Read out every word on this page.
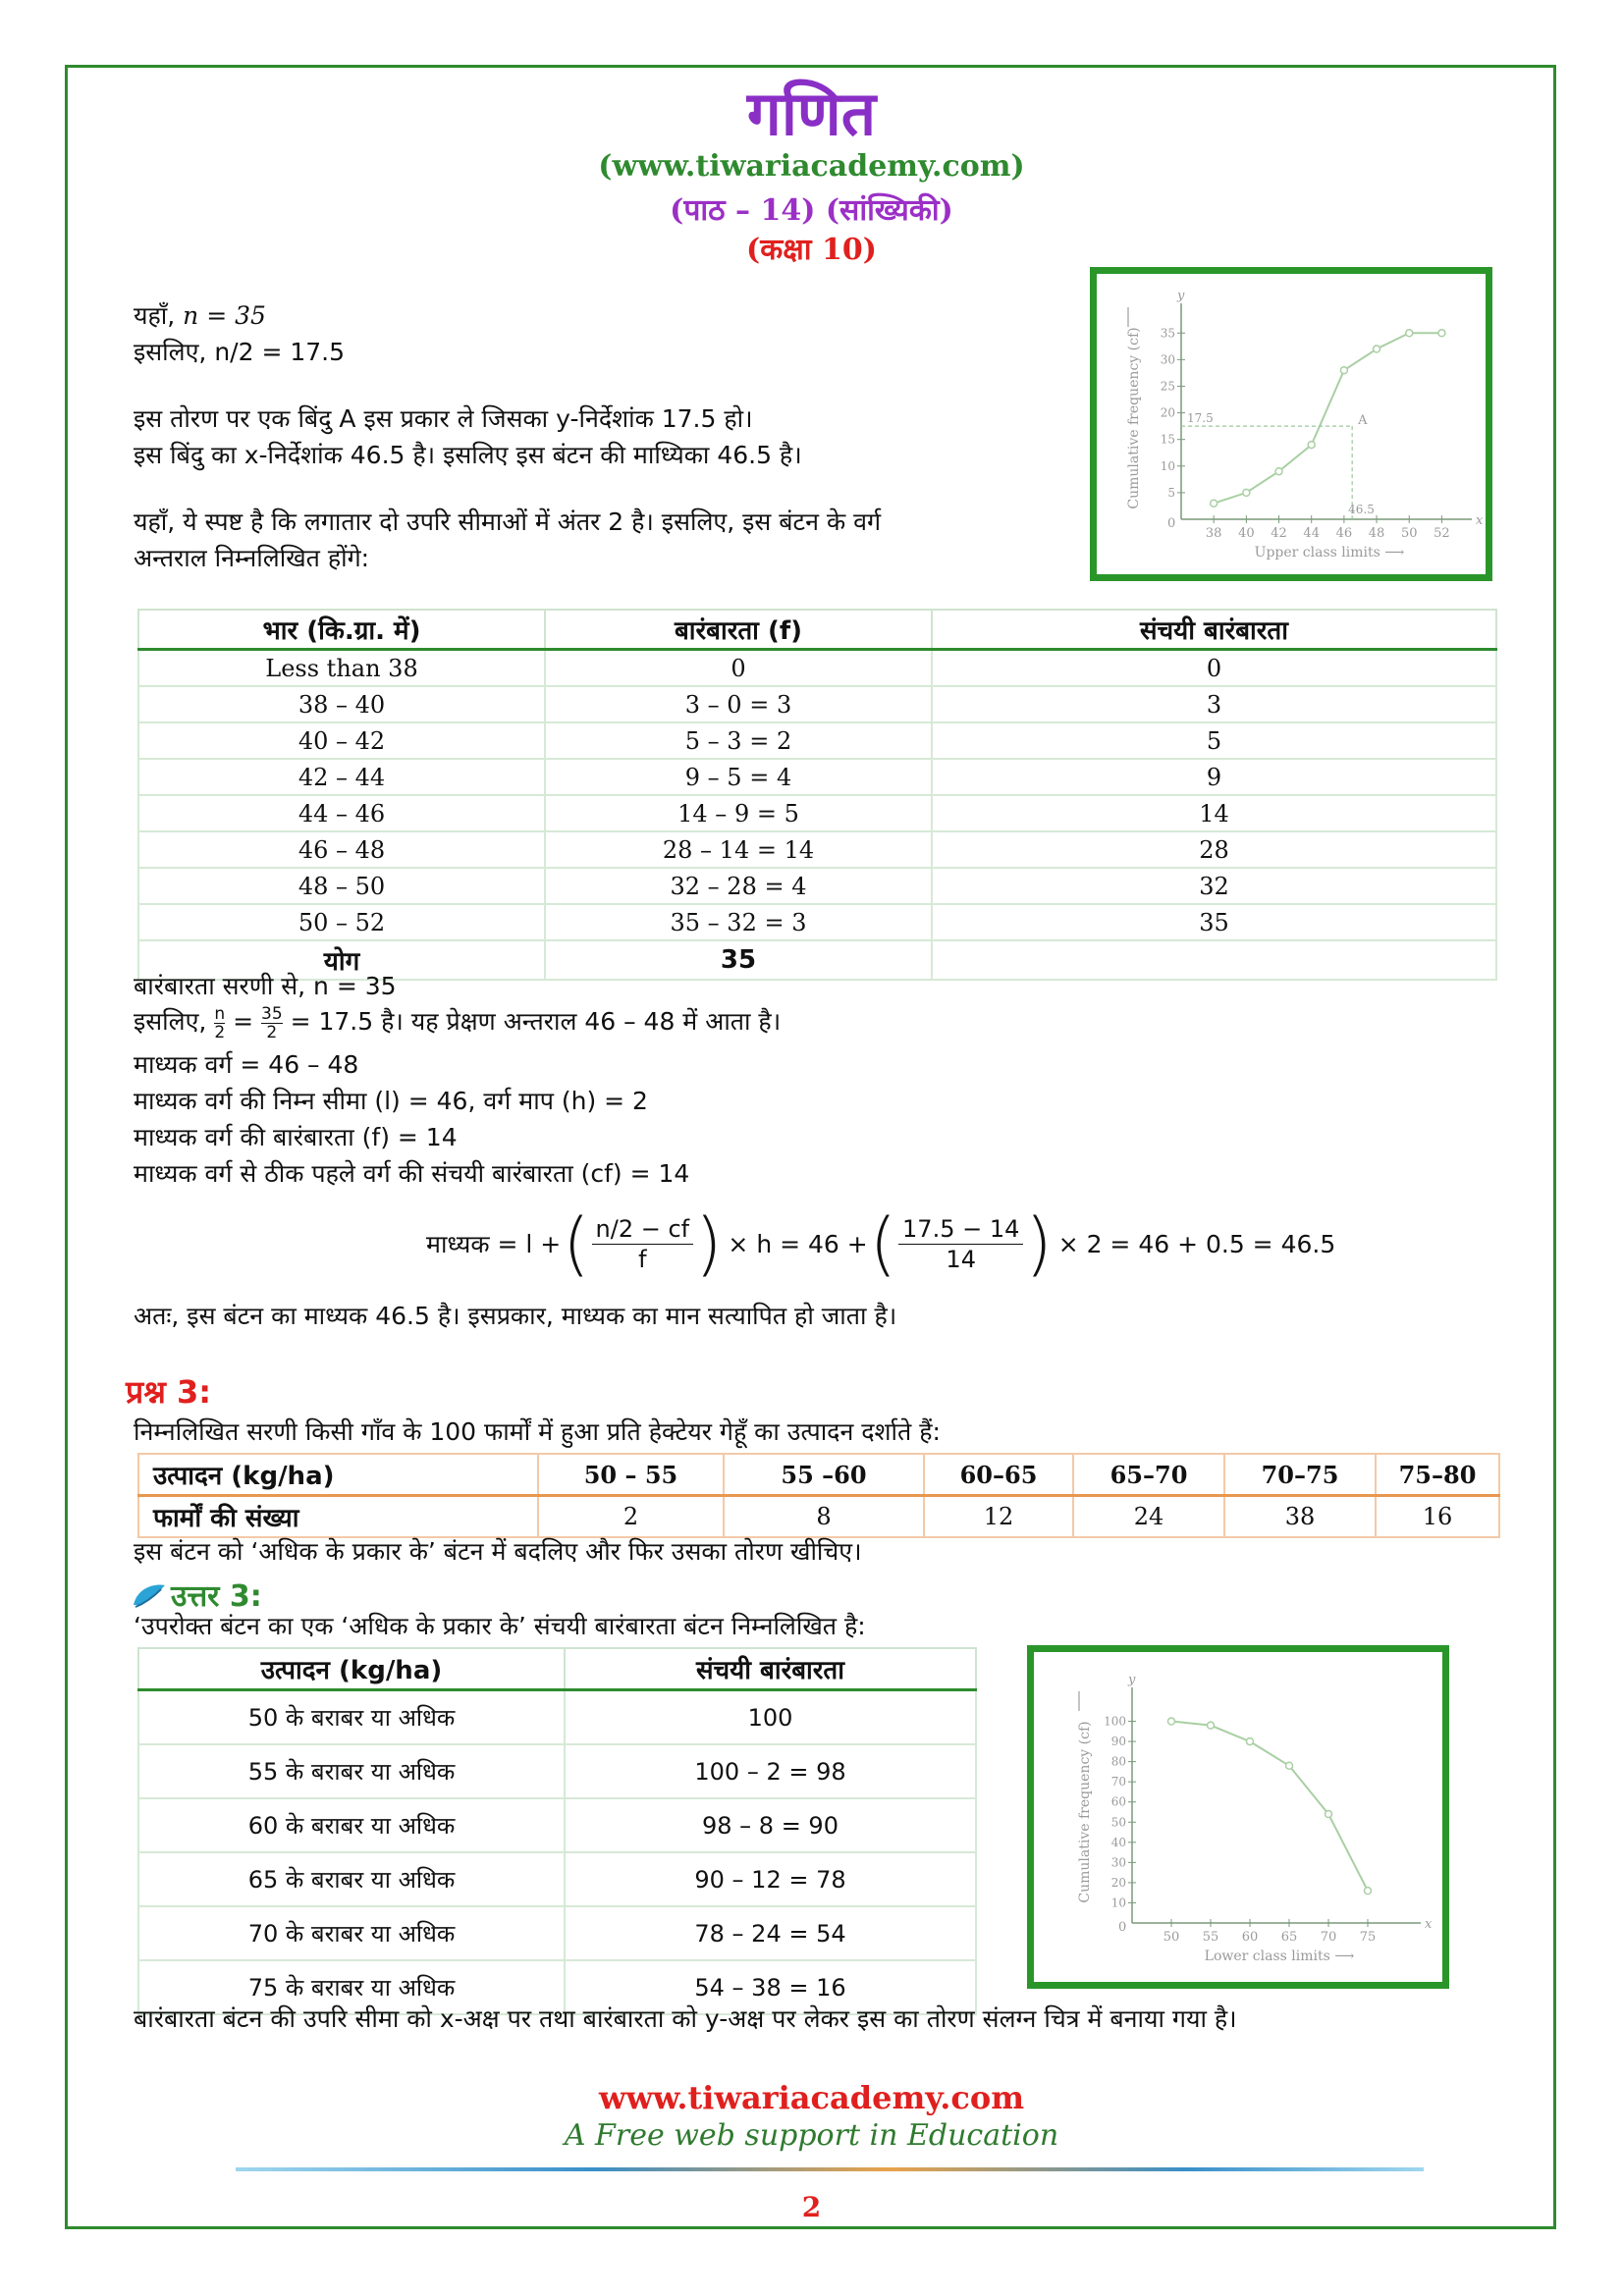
गणित
(www.tiwariacademy.com)
(पाठ – 14) (सांख्यिकी)
(कक्षा 10)
यहाँ, n = 35
इसलिए, n/2 = 17.5
इस तोरण पर एक बिंदु A इस प्रकार ले जिसका y-निर्देशांक 17.5 हो।
इस बिंदु का x-निर्देशांक 46.5 है। इसलिए इस बंटन की माध्यिका 46.5 है।
यहाँ, ये स्पष्ट है कि लगातार दो उपरि सीमाओं में अंतर 2 है। इसलिए, इस बंटन के वर्ग
अन्तराल निम्नलिखित होंगे:
x
y
0
38 40 42 44 46 48 50 52
5
10
15
20
25
30
35
Cumulative frequency (cf)
Upper class limits ⟶
17.5
46.5
A
भार (कि.ग्रा. में)	बारंबारता (f)	संचयी बारंबारता
Less than 38	0	0
38 – 40	3 – 0 = 3	3
40 – 42	5 – 3 = 2	5
42 – 44	9 – 5 = 4	9
44 – 46	14 – 9 = 5	14
46 – 48	28 – 14 = 14	28
48 – 50	32 – 28 = 4	32
50 – 52	35 – 32 = 3	35
योग	35	
बारंबारता सरणी से, n = 35
इसलिए, $\frac{n}{2} = \frac{35}{2} = 17.5$ है। यह प्रेक्षण अन्तराल 46 – 48 में आता है।
माध्यक वर्ग = 46 – 48
माध्यक वर्ग की निम्न सीमा (l) = 46, वर्ग माप (h) = 2
माध्यक वर्ग की बारंबारता (f) = 14
माध्यक वर्ग से ठीक पहले वर्ग की संचयी बारंबारता (cf) = 14
माध्यक = l + ( $\frac{n/2 - cf}{f}$ ) × h = 46 + ( $\frac{17.5 - 14}{14}$ ) × 2 = 46 + 0.5 = 46.5
अतः, इस बंटन का माध्यक 46.5 है। इसप्रकार, माध्यक का मान सत्यापित हो जाता है।
प्रश्न 3:
निम्नलिखित सरणी किसी गाँव के 100 फार्मों में हुआ प्रति हेक्टेयर गेहूँ का उत्पादन दर्शाते हैं:
उत्पादन (kg/ha)	50 – 55	55 –60	60–65	65–70	70–75	75–80
फार्मों की संख्या	2	8	12	24	38	16
इस बंटन को ‘अधिक के प्रकार के’ बंटन में बदलिए और फिर उसका तोरण खीचिए।
उत्तर 3:
‘उपरोक्त बंटन का एक ‘अधिक के प्रकार के’ संचयी बारंबारता बंटन निम्नलिखित है:
उत्पादन (kg/ha)	संचयी बारंबारता
50 के बराबर या अधिक	100
55 के बराबर या अधिक	100 – 2 = 98
60 के बराबर या अधिक	98 – 8 = 90
65 के बराबर या अधिक	90 – 12 = 78
70 के बराबर या अधिक	78 – 24 = 54
75 के बराबर या अधिक	54 – 38 = 16
x
y
0
50 55 60 65 70 75
10
20
30
40
50
60
70
80
90
100
Cumulative frequency (cf)
Lower class limits ⟶
बारंबारता बंटन की उपरि सीमा को x-अक्ष पर तथा बारंबारता को y-अक्ष पर लेकर इस का तोरण संलग्न चित्र में बनाया गया है।
www.tiwariacademy.com
A Free web support in Education
2
